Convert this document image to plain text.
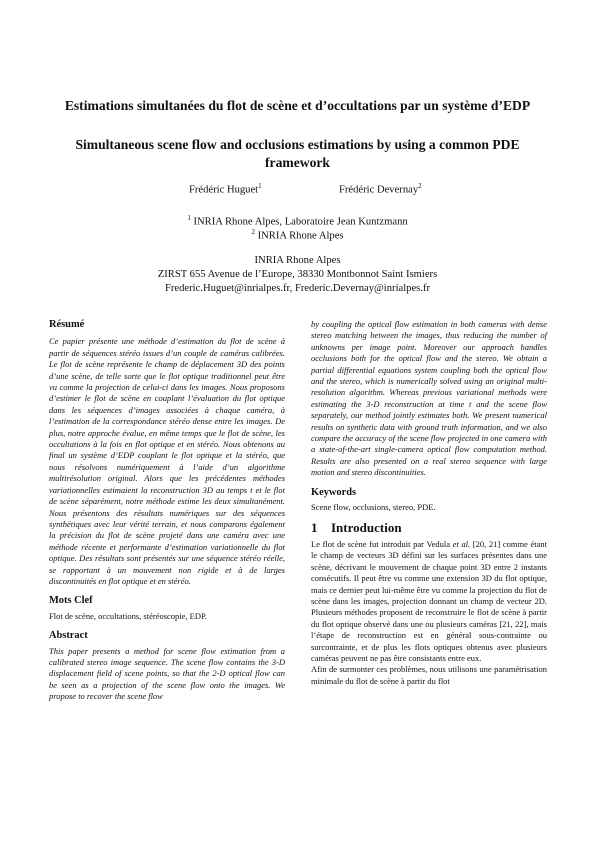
Estimations simultanées du flot de scène et d’occultations par un système d’EDP
Simultaneous scene flow and occlusions estimations by using a common PDE framework
Frédéric Huguet$^1$	Frédéric Devernay$^2$
$^1$ INRIA Rhone Alpes, Laboratoire Jean Kuntzmann
$^2$ INRIA Rhone Alpes
INRIA Rhone Alpes
ZIRST 655 Avenue de l’Europe, 38330 Montbonnot Saint Ismiers
Frederic.Huguet@inrialpes.fr, Frederic.Devernay@inrialpes.fr
Résumé

Ce papier présente une méthode d’estimation du flot de scène à partir de séquences stéréo issues d’un couple de caméras calibrées. Le flot de scène représente le champ de déplacement 3D des points d’une scène, de telle sorte que le flot optique traditionnel peut être vu comme la projection de celui-ci dans les images. Nous proposons d’estimer le flot de scène en couplant l’évaluation du flot optique dans les séquences d’images associées à chaque caméra, à l’estimation de la correspondance stéréo dense entre les images. De plus, notre approche évalue, en même temps que le flot de scène, les occultations à la fois en flot optique et en stéréo. Nous obtenons au final un système d’EDP couplant le flot optique et la stéréo, que nous résolvons numériquement à l’aide d’un algorithme multirésolution original. Alors que les précédentes méthodes variationnelles estimaient la reconstruction 3D au temps t et le flot de scène séparément, notre méthode estime les deux simultanément. Nous présentons des résultats numériques sur des séquences synthétiques avec leur vérité terrain, et nous comparons également la précision du flot de scène projeté dans une caméra avec une méthode récente et performante d’estimation variationnelle du flot optique. Des résultats sont présentés sur une séquence stéréo réelle, se rapportant à un mouvement non rigide et à de larges discontinuités en flot optique et en stéréo.

Mots Clef

Flot de scène, occultations, stéréoscopie, EDP.

Abstract

This paper presents a method for scene flow estimation from a calibrated stereo image sequence. The scene flow contains the 3-D displacement field of scene points, so that the 2-D optical flow can be seen as a projection of the scene flow onto the images. We propose to recover the scene flow

by coupling the optical flow estimation in both cameras with dense stereo matching between the images, thus reducing the number of unknowns per image point. Moreover our approach handles occlusions both for the optical flow and the stereo. We obtain a partial differential equations system coupling both the optical flow and the stereo, which is numerically solved using an original multi-resolution algorithm. Whereas previous variational methods were estimating the 3-D reconstruction at time t and the scene flow separately, our method jointly estimates both. We present numerical results on synthetic data with ground truth information, and we also compare the accuracy of the scene flow projected in one camera with a state-of-the-art single-camera optical flow computation method. Results are also presented on a real stereo sequence with large motion and stereo discontinuities.

Keywords

Scene flow, occlusions, stereo, PDE.

1 Introduction

Le flot de scène fut introduit par Vedula et al. [20, 21] comme étant le champ de vecteurs 3D défini sur les surfaces présentes dans une scène, décrivant le mouvement de chaque point 3D entre 2 instants consécutifs. Il peut être vu comme une extension 3D du flot optique, mais ce dernier peut lui-même être vu comme la projection du flot de scène dans les images, projection donnant un champ de vecteur 2D. Plusieurs méthodes proposent de reconstruire le flot de scène à partir du flot optique observé dans une ou plusieurs caméras [21, 22], mais l’étape de reconstruction est en général sous-contrainte ou surcontrainte, et de plus les flots optiques obtenus avec plusieurs caméras peuvent ne pas être consistants entre eux.

Afin de surmonter ces problèmes, nous utilisons une paramétrisation minimale du flot de scène à partir du flot
